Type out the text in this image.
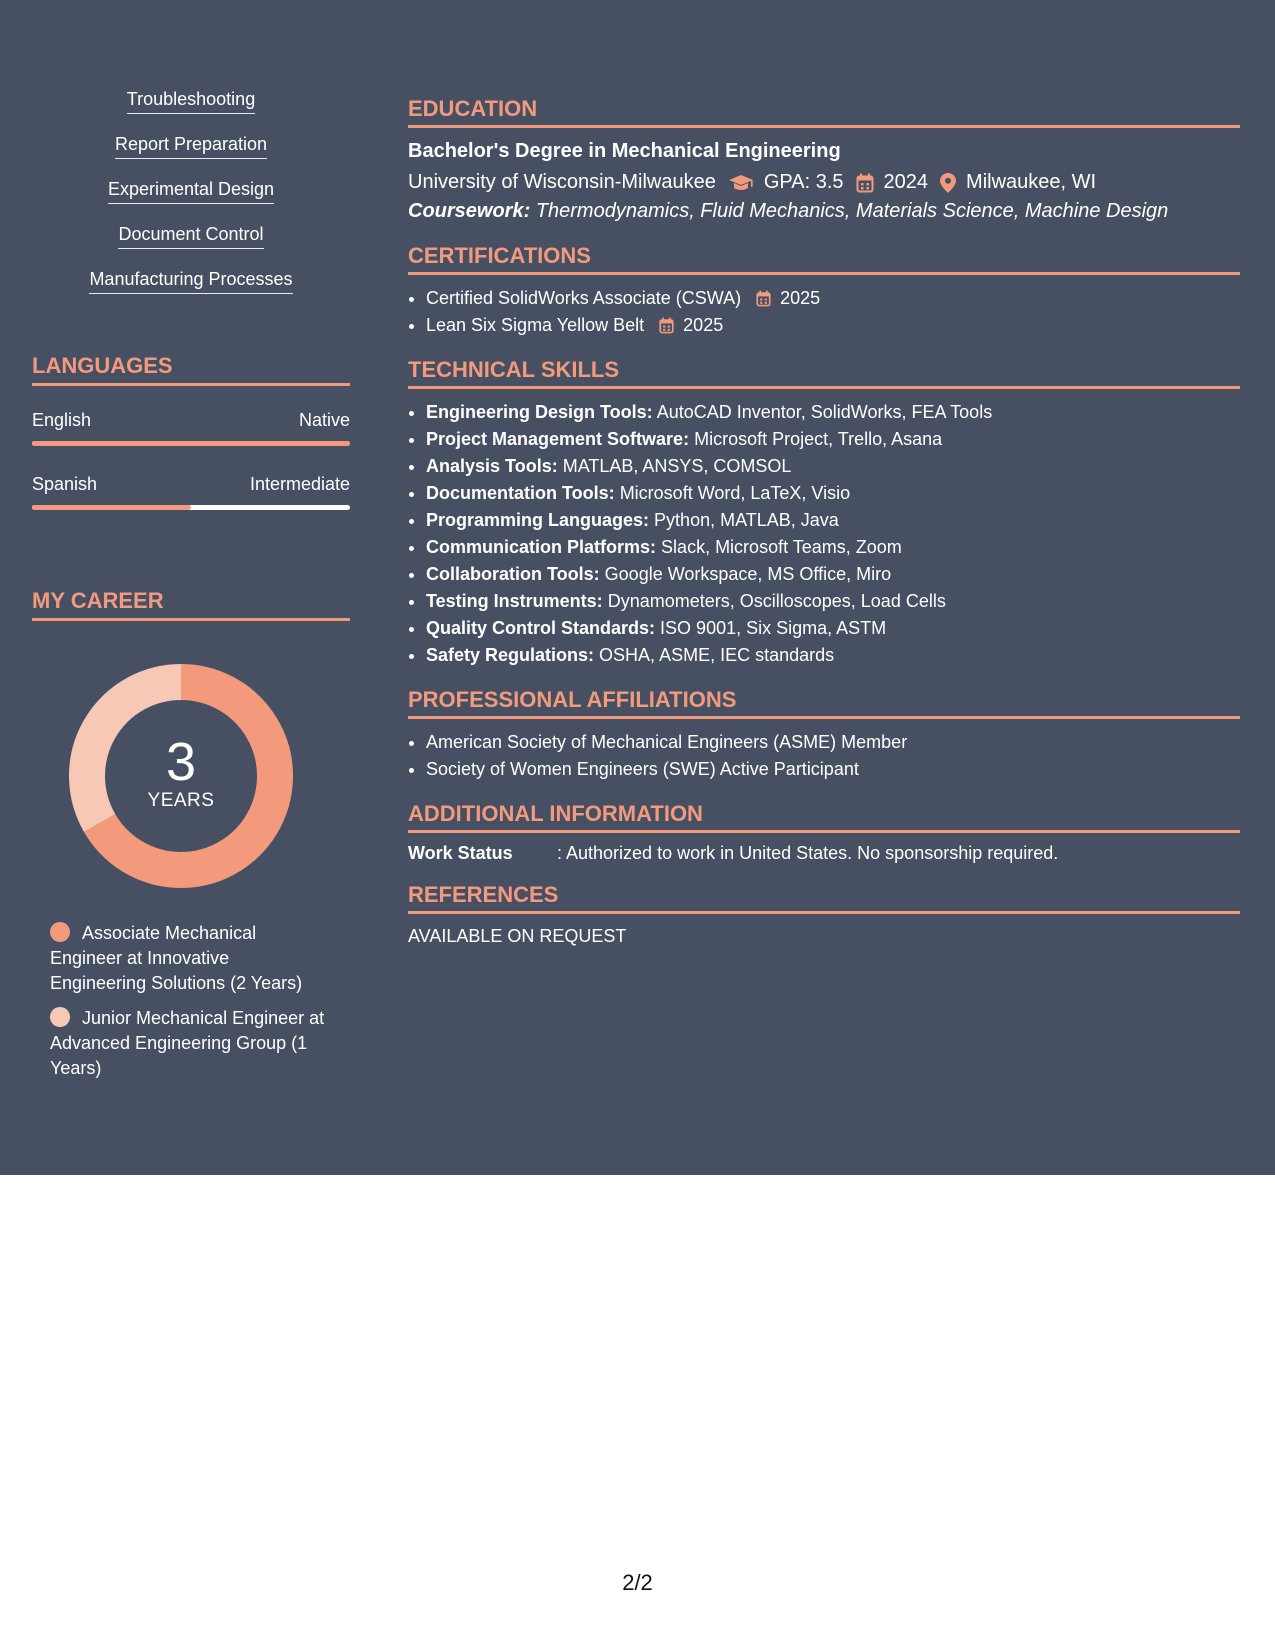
Troubleshooting
Report Preparation
Experimental Design
Document Control
Manufacturing Processes
LANGUAGES
English	Native
Spanish	Intermediate
MY CAREER
3
YEARS
Associate Mechanical Engineer at Innovative Engineering Solutions (2 Years)
Junior Mechanical Engineer at Advanced Engineering Group (1 Years)
EDUCATION
Bachelor's Degree in Mechanical Engineering
University of Wisconsin-Milwaukee GPA: 3.5 2024 Milwaukee, WI
Coursework: Thermodynamics, Fluid Mechanics, Materials Science, Machine Design
CERTIFICATIONS
• Certified SolidWorks Associate (CSWA) 2025
• Lean Six Sigma Yellow Belt 2025
TECHNICAL SKILLS
• Engineering Design Tools: AutoCAD Inventor, SolidWorks, FEA Tools
• Project Management Software: Microsoft Project, Trello, Asana
• Analysis Tools: MATLAB, ANSYS, COMSOL
• Documentation Tools: Microsoft Word, LaTeX, Visio
• Programming Languages: Python, MATLAB, Java
• Communication Platforms: Slack, Microsoft Teams, Zoom
• Collaboration Tools: Google Workspace, MS Office, Miro
• Testing Instruments: Dynamometers, Oscilloscopes, Load Cells
• Quality Control Standards: ISO 9001, Six Sigma, ASTM
• Safety Regulations: OSHA, ASME, IEC standards
PROFESSIONAL AFFILIATIONS
• American Society of Mechanical Engineers (ASME) Member
• Society of Women Engineers (SWE) Active Participant
ADDITIONAL INFORMATION
Work Status	: Authorized to work in United States. No sponsorship required.
REFERENCES
AVAILABLE ON REQUEST
2/2
